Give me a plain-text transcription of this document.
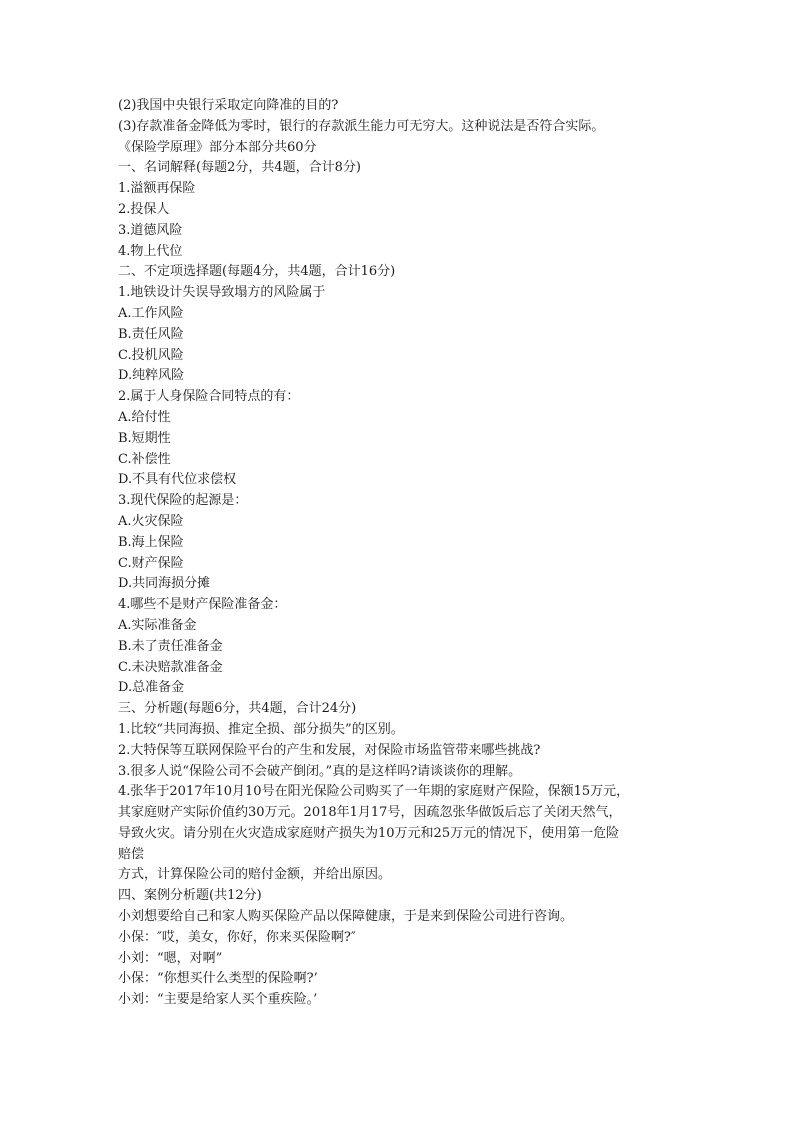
(2)我国中央银行采取定向降准的目的?

(3)存款准备金降低为零时，银行的存款派生能力可无穷大。这种说法是否符合实际。

《保险学原理》部分本部分共60分

一、名词解释(每题2分，共4题，合计8分)

1.溢额再保险

2.投保人

3.道德风险

4.物上代位

二、不定项选择题(每题4分，共4题，合计16分)

1.地铁设计失误导致塌方的风险属于

A.工作风险

B.责任风险

C.投机风险

D.纯粹风险

2.属于人身保险合同特点的有：

A.给付性

B.短期性

C.补偿性

D.不具有代位求偿权

3.现代保险的起源是：

A.火灾保险

B.海上保险

C.财产保险

D.共同海损分摊

4.哪些不是财产保险准备金：

A.实际准备金

B.未了责任准备金

C.未决赔款准备金

D.总准备金

三、分析题(每题6分，共4题，合计24分)

1.比较“共同海损、推定全损、部分损失”的区别。

2.大特保等互联网保险平台的产生和发展，对保险市场监管带来哪些挑战?

3.很多人说“保险公司不会破产倒闭。”真的是这样吗?请谈谈你的理解。

4.张华于2017年10月10号在阳光保险公司购买了一年期的家庭财产保险，保额15万元，

其家庭财产实际价值约30万元。2018年1月17号，因疏忽张华做饭后忘了关闭天然气，

导致火灾。请分别在火灾造成家庭财产损失为10万元和25万元的情况下，使用第一危险

赔偿

方式，计算保险公司的赔付金额，并给出原因。

四、案例分析题(共12分)

小刘想要给自己和家人购买保险产品以保障健康，于是来到保险公司进行咨询。

小保：″哎，美女，你好，你来买保险啊?″

小刘：“嗯，对啊”

小保：“你想买什么类型的保险啊?’

小刘：“主要是给家人买个重疾险。’
